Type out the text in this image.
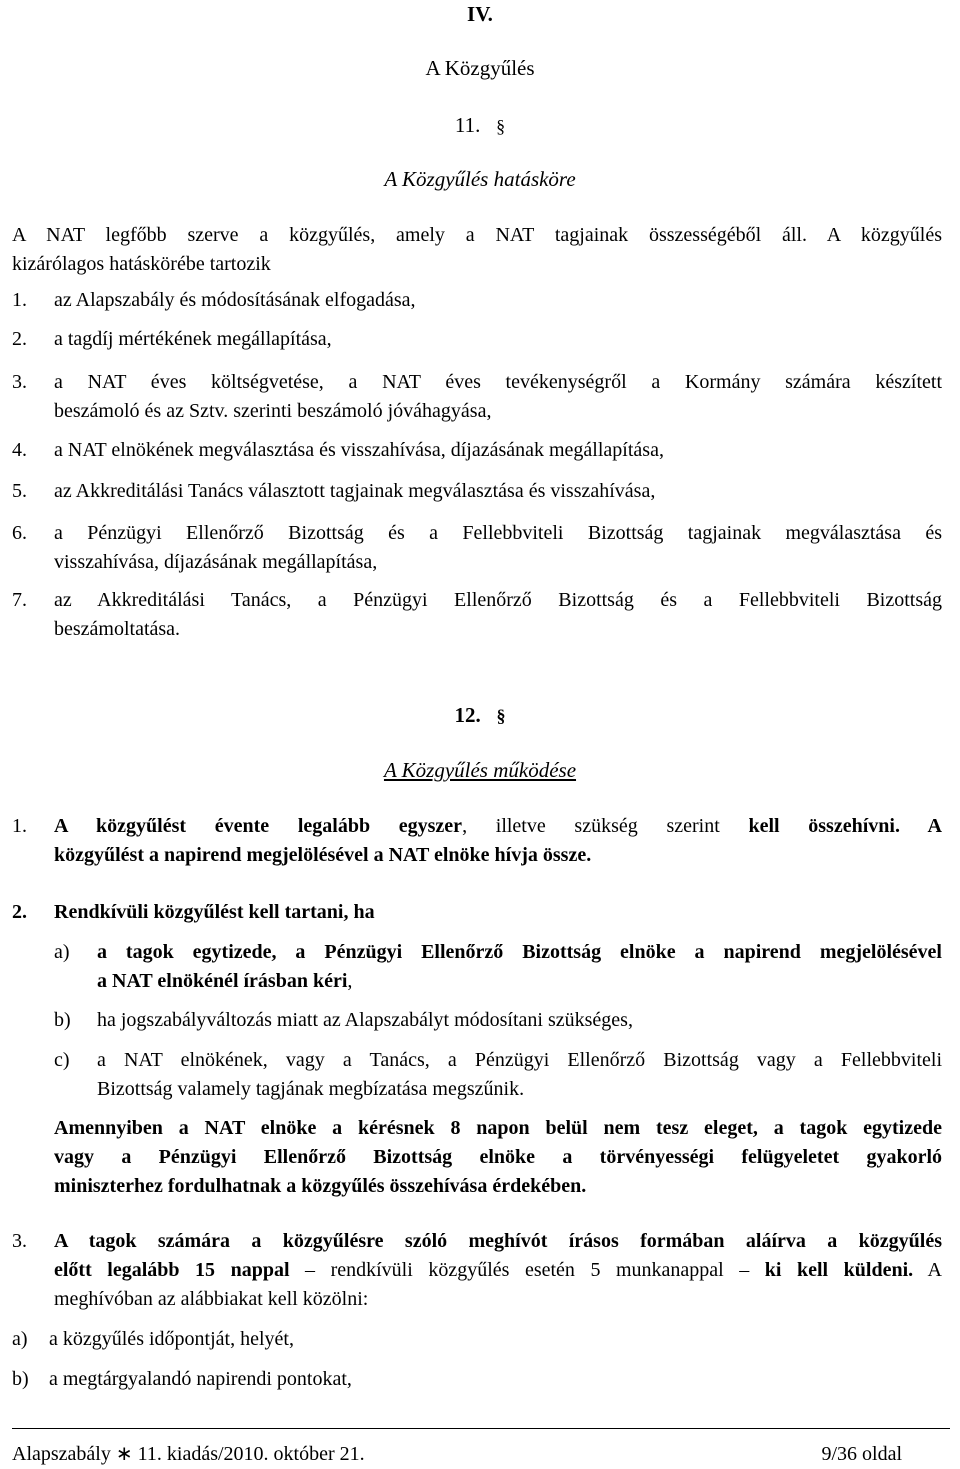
IV.
A Közgyűlés
11. §
A Közgyűlés hatásköre
A NAT legfőbb szerve a közgyűlés, amely a NAT tagjainak összességéből áll. A közgyűlés
kizárólagos hatáskörébe tartozik
1. az Alapszabály és módosításának elfogadása,
2. a tagdíj mértékének megállapítása,
3. a NAT éves költségvetése, a NAT éves tevékenységről a Kormány számára készített
beszámoló és az Sztv. szerinti beszámoló jóváhagyása,
4. a NAT elnökének megválasztása és visszahívása, díjazásának megállapítása,
5. az Akkreditálási Tanács választott tagjainak megválasztása és visszahívása,
6. a Pénzügyi Ellenőrző Bizottság és a Fellebbviteli Bizottság tagjainak megválasztása és
visszahívása, díjazásának megállapítása,
7. az Akkreditálási Tanács, a Pénzügyi Ellenőrző Bizottság és a Fellebbviteli Bizottság
beszámoltatása.
12. §
A Közgyűlés működése
1. A közgyűlést évente legalább egyszer, illetve szükség szerint kell összehívni. A
közgyűlést a napirend megjelölésével a NAT elnöke hívja össze.
2. Rendkívüli közgyűlést kell tartani, ha
a) a tagok egytizede, a Pénzügyi Ellenőrző Bizottság elnöke a napirend megjelölésével
a NAT elnökénél írásban kéri,
b) ha jogszabályváltozás miatt az Alapszabályt módosítani szükséges,
c) a NAT elnökének, vagy a Tanács, a Pénzügyi Ellenőrző Bizottság vagy a Fellebbviteli
Bizottság valamely tagjának megbízatása megszűnik.
Amennyiben a NAT elnöke a kérésnek 8 napon belül nem tesz eleget, a tagok egytizede
vagy a Pénzügyi Ellenőrző Bizottság elnöke a törvényességi felügyeletet gyakorló
miniszterhez fordulhatnak a közgyűlés összehívása érdekében.
3. A tagok számára a közgyűlésre szóló meghívót írásos formában aláírva a közgyűlés
előtt legalább 15 nappal – rendkívüli közgyűlés esetén 5 munkanappal – ki kell küldeni. A
meghívóban az alábbiakat kell közölni:
a) a közgyűlés időpontját, helyét,
b) a megtárgyalandó napirendi pontokat,
Alapszabály ∗ 11. kiadás/2010. október 21.	9/36 oldal
